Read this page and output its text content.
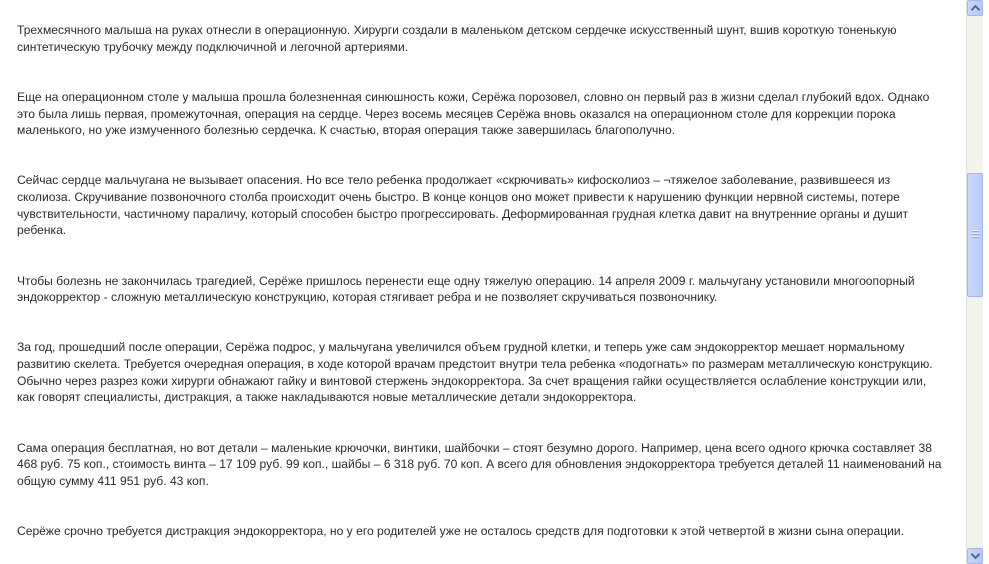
Трехмесячного малыша на руках отнесли в операционную. Хирурги создали в маленьком детском сердечке искусственный шунт, вшив короткую тоненькую синтетическую трубочку между подключичной и легочной артериями.

Еще на операционном столе у малыша прошла болезненная синюшность кожи, Серёжа порозовел, словно он первый раз в жизни сделал глубокий вдох. Однако это была лишь первая, промежуточная, операция на сердце. Через восемь месяцев Серёжа вновь оказался на операционном столе для коррекции порока маленького, но уже измученного болезнью сердечка. К счастью, вторая операция также завершилась благополучно.

Сейчас сердце мальчугана не вызывает опасения. Но все тело ребенка продолжает «скрючивать» кифосколиоз – ¬тяжелое заболевание, развившееся из сколиоза. Скручивание позвоночного столба происходит очень быстро. В конце концов оно может привести к нарушению функции нервной системы, потере чувствительности, частичному параличу, который способен быстро прогрессировать. Деформированная грудная клетка давит на внутренние органы и душит ребенка.

Чтобы болезнь не закончилась трагедией, Серёже пришлось перенести еще одну тяжелую операцию. 14 апреля 2009 г. мальчугану установили многоопорный эндокорректор - сложную металлическую конструкцию, которая стягивает ребра и не позволяет скручиваться позвоночнику.

За год, прошедший после операции, Серёжа подрос, у мальчугана увеличился объем грудной клетки, и теперь уже сам эндокорректор мешает нормальному развитию скелета. Требуется очередная операция, в ходе которой врачам предстоит внутри тела ребенка «подогнать» по размерам металлическую конструкцию. Обычно через разрез кожи хирурги обнажают гайку и винтовой стержень эндокорректора. За счет вращения гайки осуществляется ослабление конструкции или, как говорят специалисты, дистракция, а также накладываются новые металлические детали эндокорректора.

Сама операция бесплатная, но вот детали – маленькие крючочки, винтики, шайбочки – стоят безумно дорого. Например, цена всего одного крючка составляет 38 468 руб. 75 коп., стоимость винта – 17 109 руб. 99 коп., шайбы – 6 318 руб. 70 коп. А всего для обновления эндокорректора требуется деталей 11 наименований на общую сумму 411 951 руб. 43 коп.

Серёже срочно требуется дистракция эндокорректора, но у его родителей уже не осталось средств для подготовки к этой четвертой в жизни сына операции.
